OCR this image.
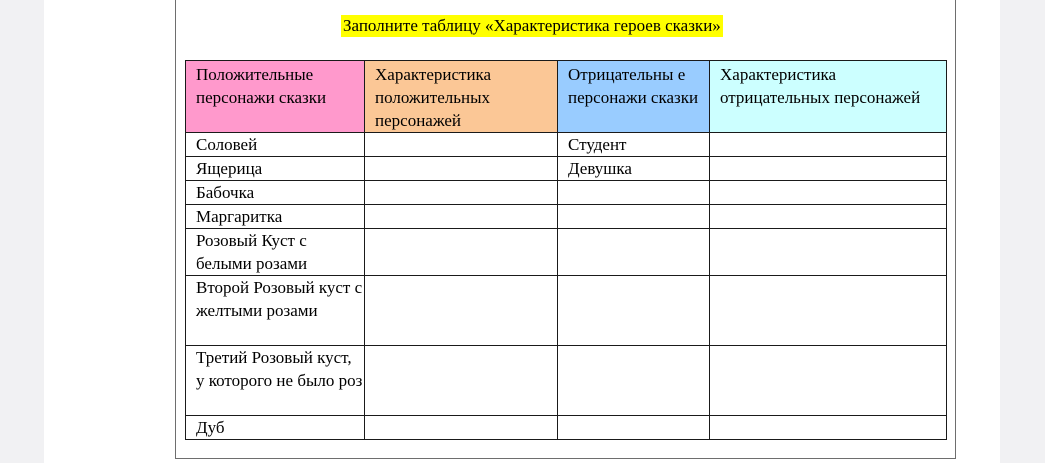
Заполните таблицу «Характеристика героев сказки»
Положительные персонажи сказки	Характеристика положительных персонажей	Отрицательны е персонажи сказки	Характеристика отрицательных персонажей
Соловей		Студент	
Ящерица		Девушка	
Бабочка			
Маргаритка			
Розовый Куст с белыми розами			
Второй Розовый куст с желтыми розами			
Третий Розовый куст, у которого не было роз			
Дуб			
